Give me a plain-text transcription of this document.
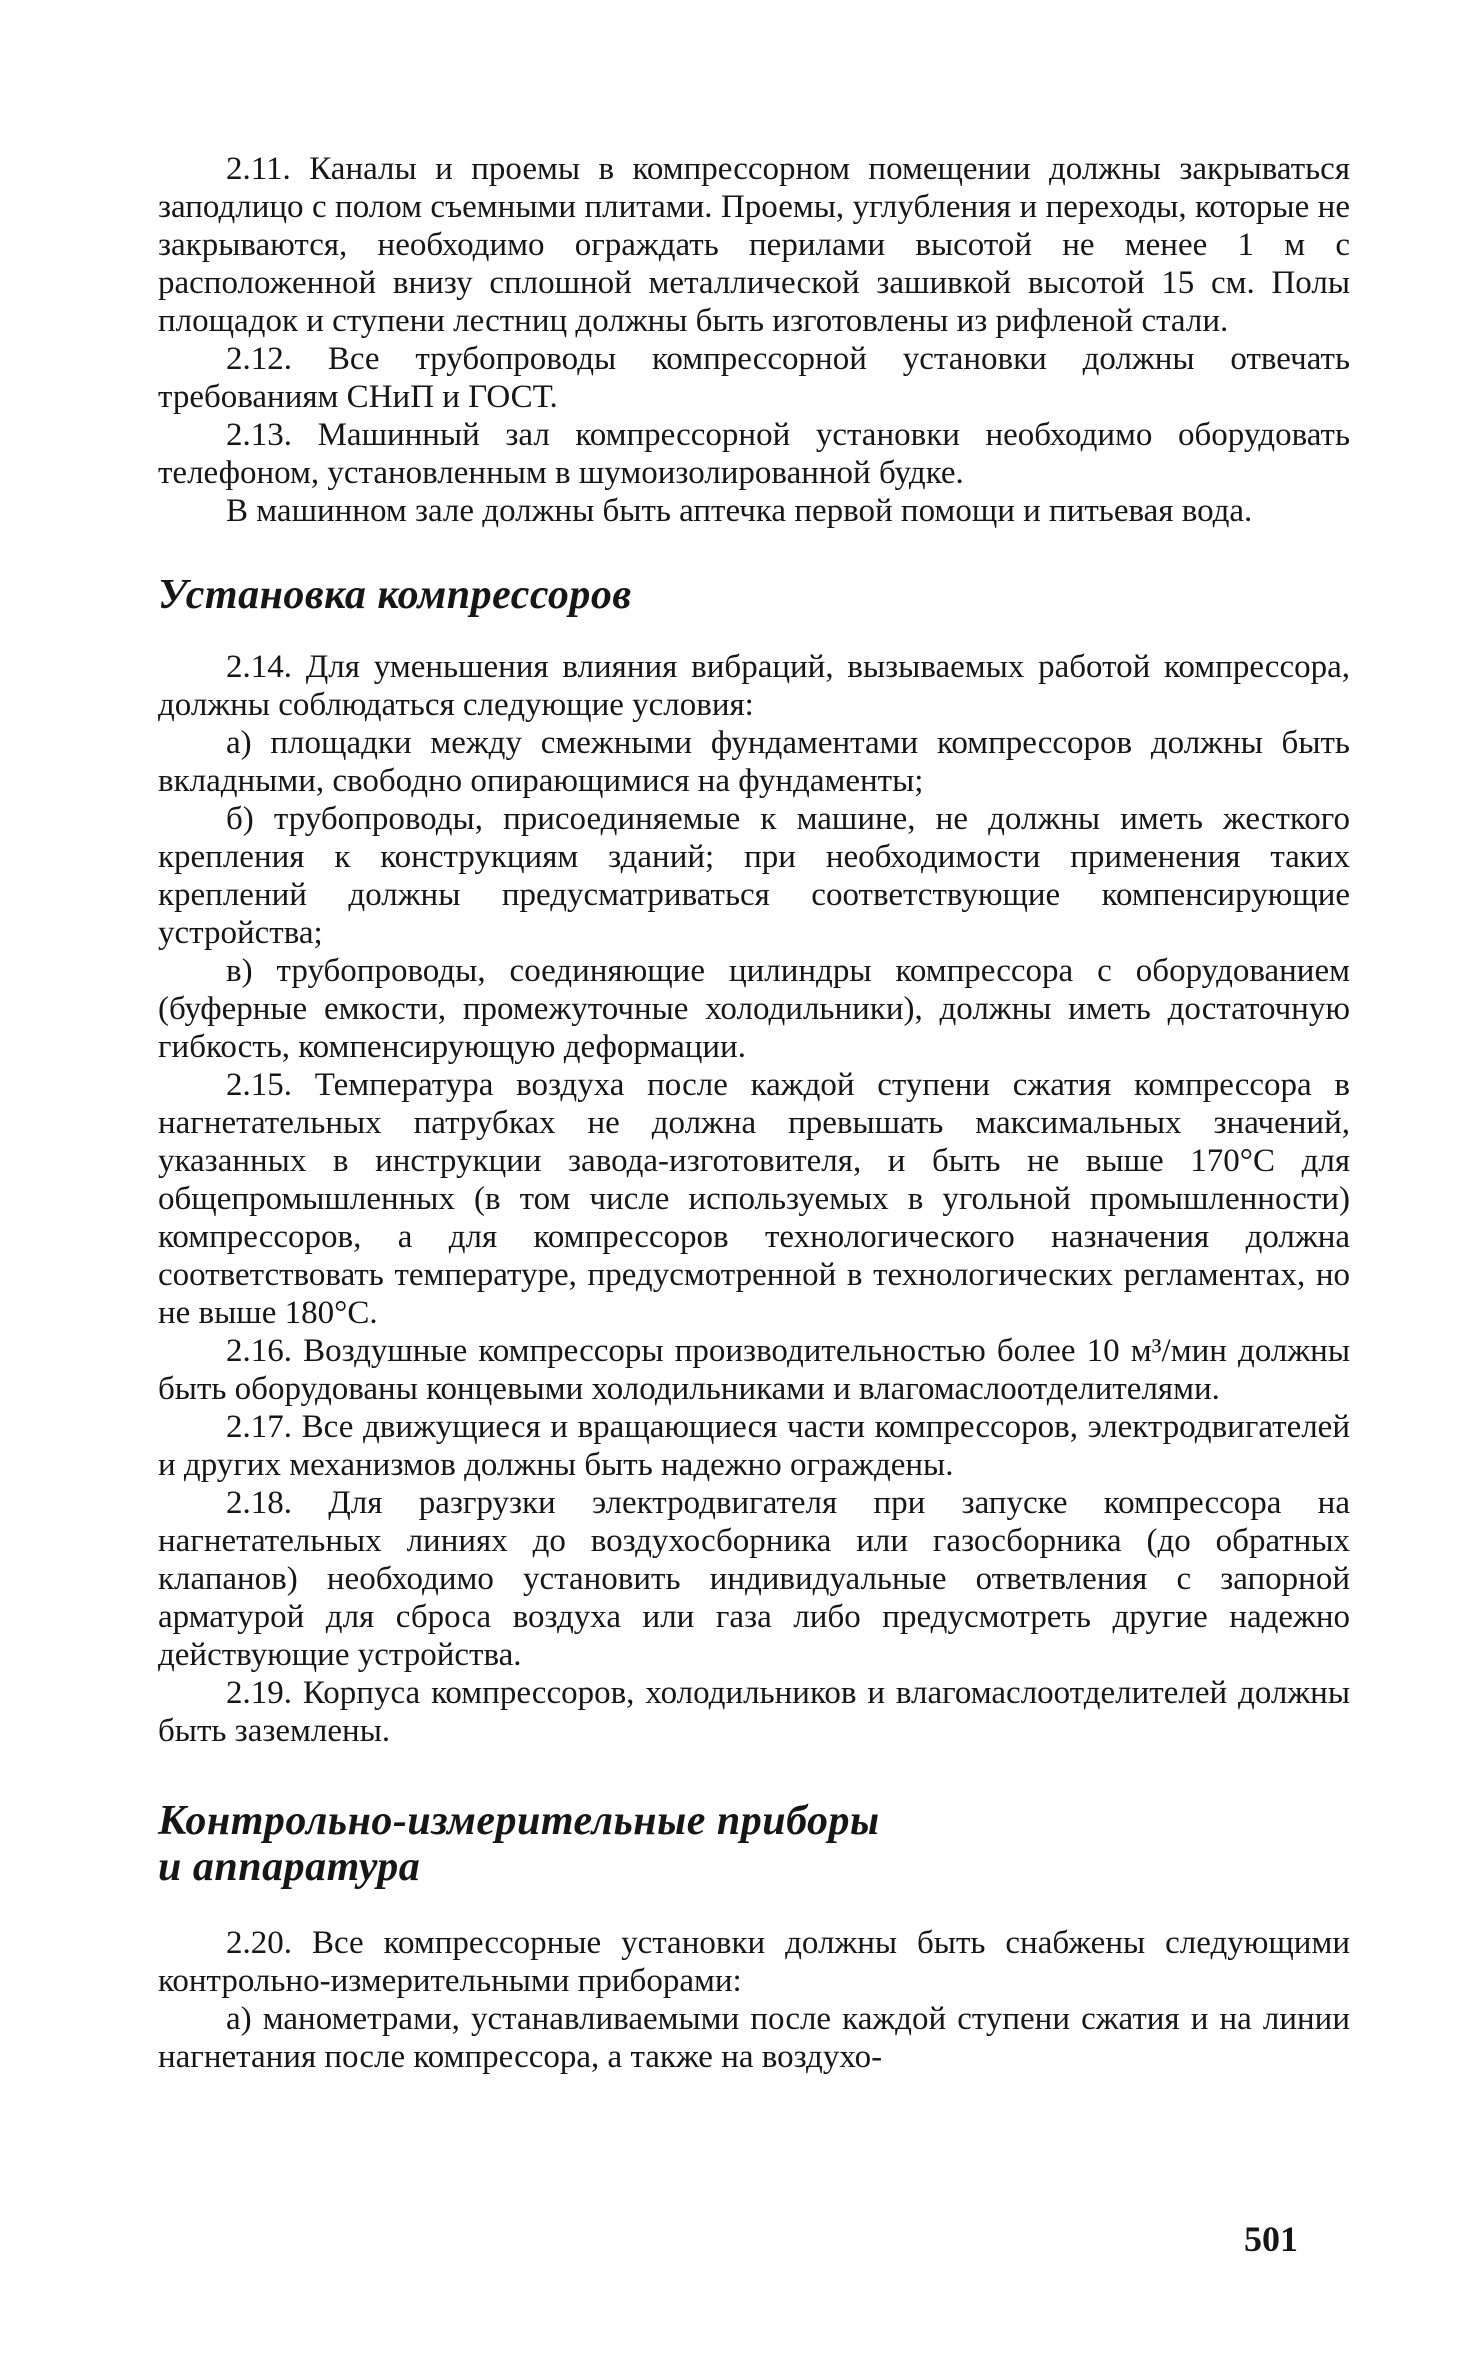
2.11. Каналы и проемы в компрессорном помещении должны закрываться заподлицо с полом съемными плитами. Проемы, углубления и переходы, которые не закрываются, необходимо ограждать перилами высотой не менее 1 м с расположенной внизу сплошной металлической зашивкой высотой 15 см. Полы площадок и ступени лестниц должны быть изготовлены из рифленой стали.

2.12. Все трубопроводы компрессорной установки должны отвечать требованиям СНиП и ГОСТ.

2.13. Машинный зал компрессорной установки необходимо оборудовать телефоном, установленным в шумоизолированной будке.

В машинном зале должны быть аптечка первой помощи и питьевая вода.

Установка компрессоров

2.14. Для уменьшения влияния вибраций, вызываемых работой компрессора, должны соблюдаться следующие условия:

а) площадки между смежными фундаментами компрессоров должны быть вкладными, свободно опирающимися на фундаменты;

б) трубопроводы, присоединяемые к машине, не должны иметь жесткого крепления к конструкциям зданий; при необходимости применения таких креплений должны предусматриваться соответствующие компенсирующие устройства;

в) трубопроводы, соединяющие цилиндры компрессора с оборудованием (буферные емкости, промежуточные холодильники), должны иметь достаточную гибкость, компенсирующую деформации.

2.15. Температура воздуха после каждой ступени сжатия компрессора в нагнетательных патрубках не должна превышать максимальных значений, указанных в инструкции завода-изготовителя, и быть не выше 170°С для общепромышленных (в том числе используемых в угольной промышленности) компрессоров, а для компрессоров технологического назначения должна соответствовать температуре, предусмотренной в технологических регламентах, но не выше 180°С.

2.16. Воздушные компрессоры производительностью более 10 м³/мин должны быть оборудованы концевыми холодильниками и влагомаслоотделителями.

2.17. Все движущиеся и вращающиеся части компрессоров, электродвигателей и других механизмов должны быть надежно ограждены.

2.18. Для разгрузки электродвигателя при запуске компрессора на нагнетательных линиях до воздухосборника или газосборника (до обратных клапанов) необходимо установить индивидуальные ответвления с запорной арматурой для сброса воздуха или газа либо предусмотреть другие надежно действующие устройства.

2.19. Корпуса компрессоров, холодильников и влагомаслоотделителей должны быть заземлены.

Контрольно-измерительные приборы
и аппаратура

2.20. Все компрессорные установки должны быть снабжены следующими контрольно-измерительными приборами:

а) манометрами, устанавливаемыми после каждой ступени сжатия и на линии нагнетания после компрессора, а также на воздухо-

501
